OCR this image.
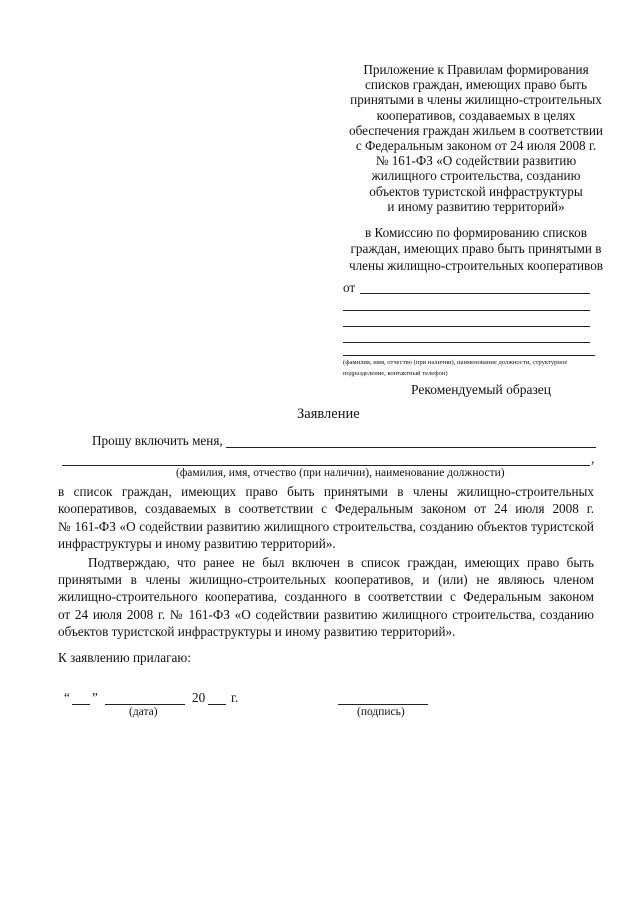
Приложение к Правилам формирования
списков граждан, имеющих право быть
принятыми в члены жилищно-строительных
кооперативов, создаваемых в целях
обеспечения граждан жильем в соответствии
с Федеральным законом от 24 июля 2008 г.
№ 161-ФЗ «О содействии развитию
жилищного строительства, созданию
объектов туристской инфраструктуры
и иному развитию территорий»
в Комиссию по формированию списков
граждан, имеющих право быть принятыми в
члены жилищно-строительных кооперативов
от
(фамилия, имя, отчество (при наличии), наименование должности, структурное
подразделение, контактный телефон)
Рекомендуемый образец
Заявление
Прошу включить меня,
,
(фамилия, имя, отчество (при наличии), наименование должности)
в список граждан, имеющих право быть принятыми в члены жилищно-строительных
кооперативов, создаваемых в соответствии с Федеральным законом от 24 июля 2008 г.
№ 161-ФЗ «О содействии развитию жилищного строительства, созданию объектов туристской
инфраструктуры и иному развитию территорий».
Подтверждаю, что ранее не был включен в список граждан, имеющих право быть
принятыми в члены жилищно-строительных кооперативов, и (или) не являюсь членом
жилищно-строительного кооператива, созданного в соответствии с Федеральным законом
от 24 июля 2008 г. № 161-ФЗ «О содействии развитию жилищного строительства, созданию
объектов туристской инфраструктуры и иному развитию территорий».
К заявлению прилагаю:
“ ”	20 г.
(дата)	(подпись)
